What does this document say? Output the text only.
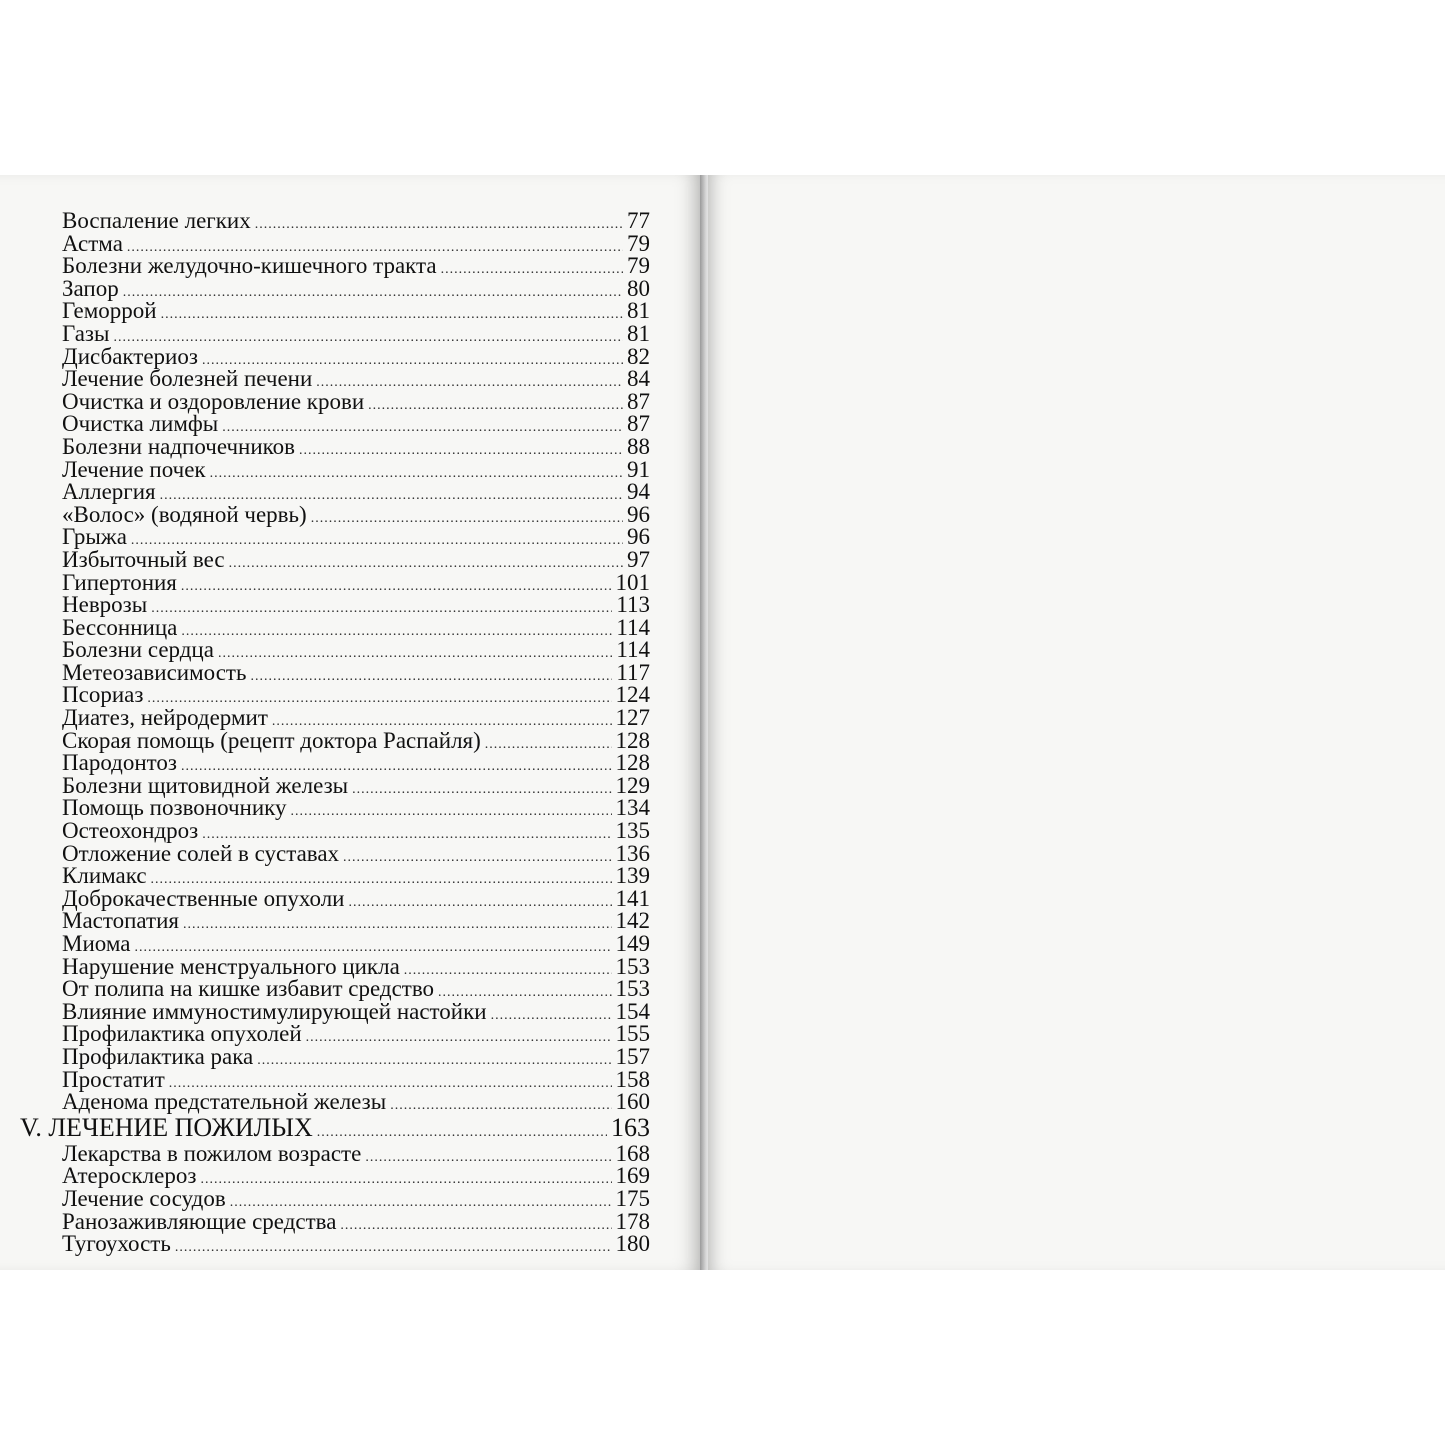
Воспаление легких .....	77
Астма .....	79
Болезни желудочно-кишечного тракта .....	79
Запор .....	80
Геморрой .....	81
Газы .....	81
Дисбактериоз .....	82
Лечение болезней печени .....	84
Очистка и оздоровление крови .....	87
Очистка лимфы .....	87
Болезни надпочечников .....	88
Лечение почек .....	91
Аллергия .....	94
«Волос» (водяной червь) .....	96
Грыжа .....	96
Избыточный вес .....	97
Гипертония .....	101
Неврозы .....	113
Бессонница .....	114
Болезни сердца .....	114
Метеозависимость .....	117
Псориаз .....	124
Диатез, нейродермит .....	127
Скорая помощь (рецепт доктора Распайля) .....	128
Пародонтоз .....	128
Болезни щитовидной железы .....	129
Помощь позвоночнику .....	134
Остеохондроз .....	135
Отложение солей в суставах .....	136
Климакс .....	139
Доброкачественные опухоли .....	141
Мастопатия .....	142
Миома .....	149
Нарушение менструального цикла .....	153
От полипа на кишке избавит средство .....	153
Влияние иммуностимулирующей настойки .....	154
Профилактика опухолей .....	155
Профилактика рака .....	157
Простатит .....	158
Аденома предстательной железы .....	160
V. ЛЕЧЕНИЕ ПОЖИЛЫХ .....	163
Лекарства в пожилом возрасте .....	168
Атеросклероз .....	169
Лечение сосудов .....	175
Ранозаживляющие средства .....	178
Тугоухость .....	180
